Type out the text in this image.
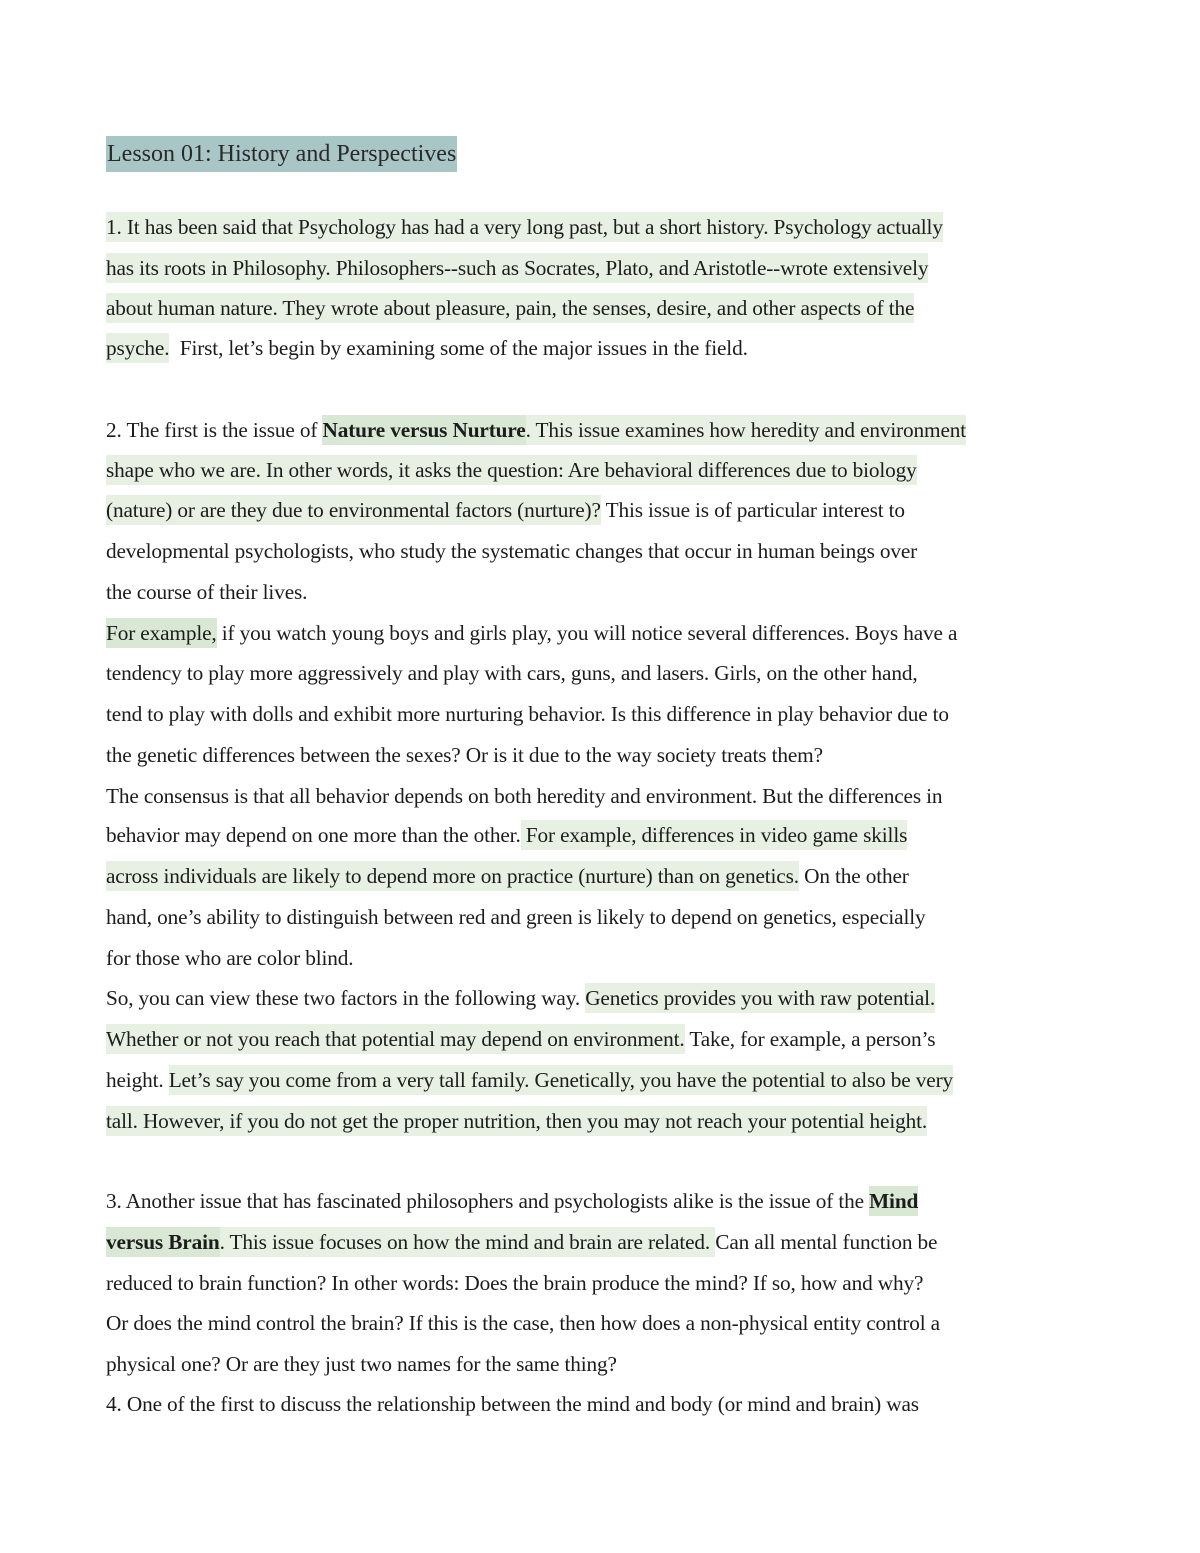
Lesson 01: History and Perspectives
1. It has been said that Psychology has had a very long past, but a short history. Psychology actually
has its roots in Philosophy. Philosophers--such as Socrates, Plato, and Aristotle--wrote extensively
about human nature. They wrote about pleasure, pain, the senses, desire, and other aspects of the
psyche.  First, let’s begin by examining some of the major issues in the field.
2. The first is the issue of Nature versus Nurture. This issue examines how heredity and environment
shape who we are. In other words, it asks the question: Are behavioral differences due to biology
(nature) or are they due to environmental factors (nurture)? This issue is of particular interest to
developmental psychologists, who study the systematic changes that occur in human beings over
the course of their lives.
For example, if you watch young boys and girls play, you will notice several differences. Boys have a
tendency to play more aggressively and play with cars, guns, and lasers. Girls, on the other hand,
tend to play with dolls and exhibit more nurturing behavior. Is this difference in play behavior due to
the genetic differences between the sexes? Or is it due to the way society treats them?
The consensus is that all behavior depends on both heredity and environment. But the differences in
behavior may depend on one more than the other. For example, differences in video game skills
across individuals are likely to depend more on practice (nurture) than on genetics. On the other
hand, one’s ability to distinguish between red and green is likely to depend on genetics, especially
for those who are color blind.
So, you can view these two factors in the following way. Genetics provides you with raw potential.
Whether or not you reach that potential may depend on environment. Take, for example, a person’s
height. Let’s say you come from a very tall family. Genetically, you have the potential to also be very
tall. However, if you do not get the proper nutrition, then you may not reach your potential height.
3. Another issue that has fascinated philosophers and psychologists alike is the issue of the Mind
versus Brain. This issue focuses on how the mind and brain are related. Can all mental function be
reduced to brain function? In other words: Does the brain produce the mind? If so, how and why?
Or does the mind control the brain? If this is the case, then how does a non-physical entity control a
physical one? Or are they just two names for the same thing?
4. One of the first to discuss the relationship between the mind and body (or mind and brain) was
